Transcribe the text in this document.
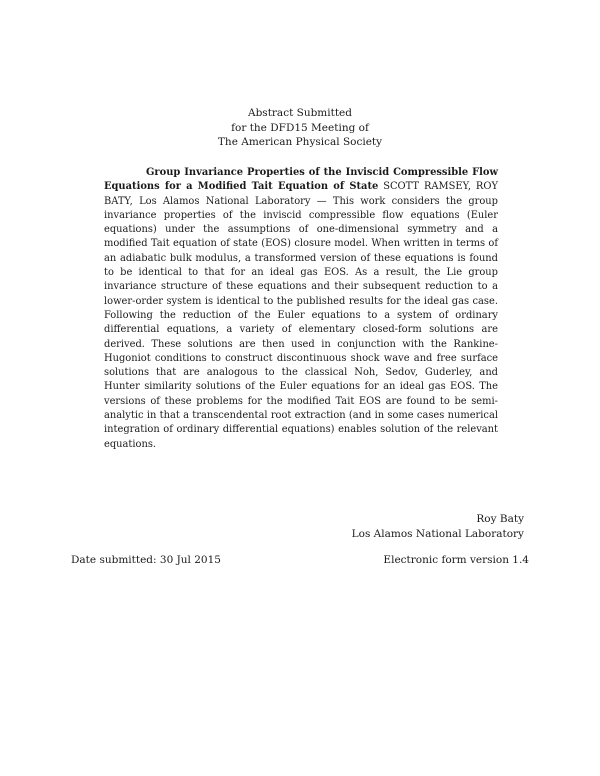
Abstract Submitted
for the DFD15 Meeting of
The American Physical Society
Group Invariance Properties of the Inviscid Compressible Flow Equations for a Modified Tait Equation of State SCOTT RAMSEY, ROY BATY, Los Alamos National Laboratory — This work considers the group invariance properties of the inviscid compressible flow equations (Euler equations) under the assumptions of one-dimensional symmetry and a modified Tait equation of state (EOS) closure model. When written in terms of an adiabatic bulk modulus, a transformed version of these equations is found to be identical to that for an ideal gas EOS. As a result, the Lie group invariance structure of these equations and their subsequent reduction to a lower-order system is identical to the published results for the ideal gas case. Following the reduction of the Euler equations to a system of ordinary differential equations, a variety of elementary closed-form solutions are derived. These solutions are then used in conjunction with the Rankine-Hugoniot conditions to construct discontinuous shock wave and free surface solutions that are analogous to the classical Noh, Sedov, Guderley, and Hunter similarity solutions of the Euler equations for an ideal gas EOS. The versions of these problems for the modified Tait EOS are found to be semi-analytic in that a transcendental root extraction (and in some cases numerical integration of ordinary differential equations) enables solution of the relevant equations.
Roy Baty
Los Alamos National Laboratory
Date submitted: 30 Jul 2015	Electronic form version 1.4
